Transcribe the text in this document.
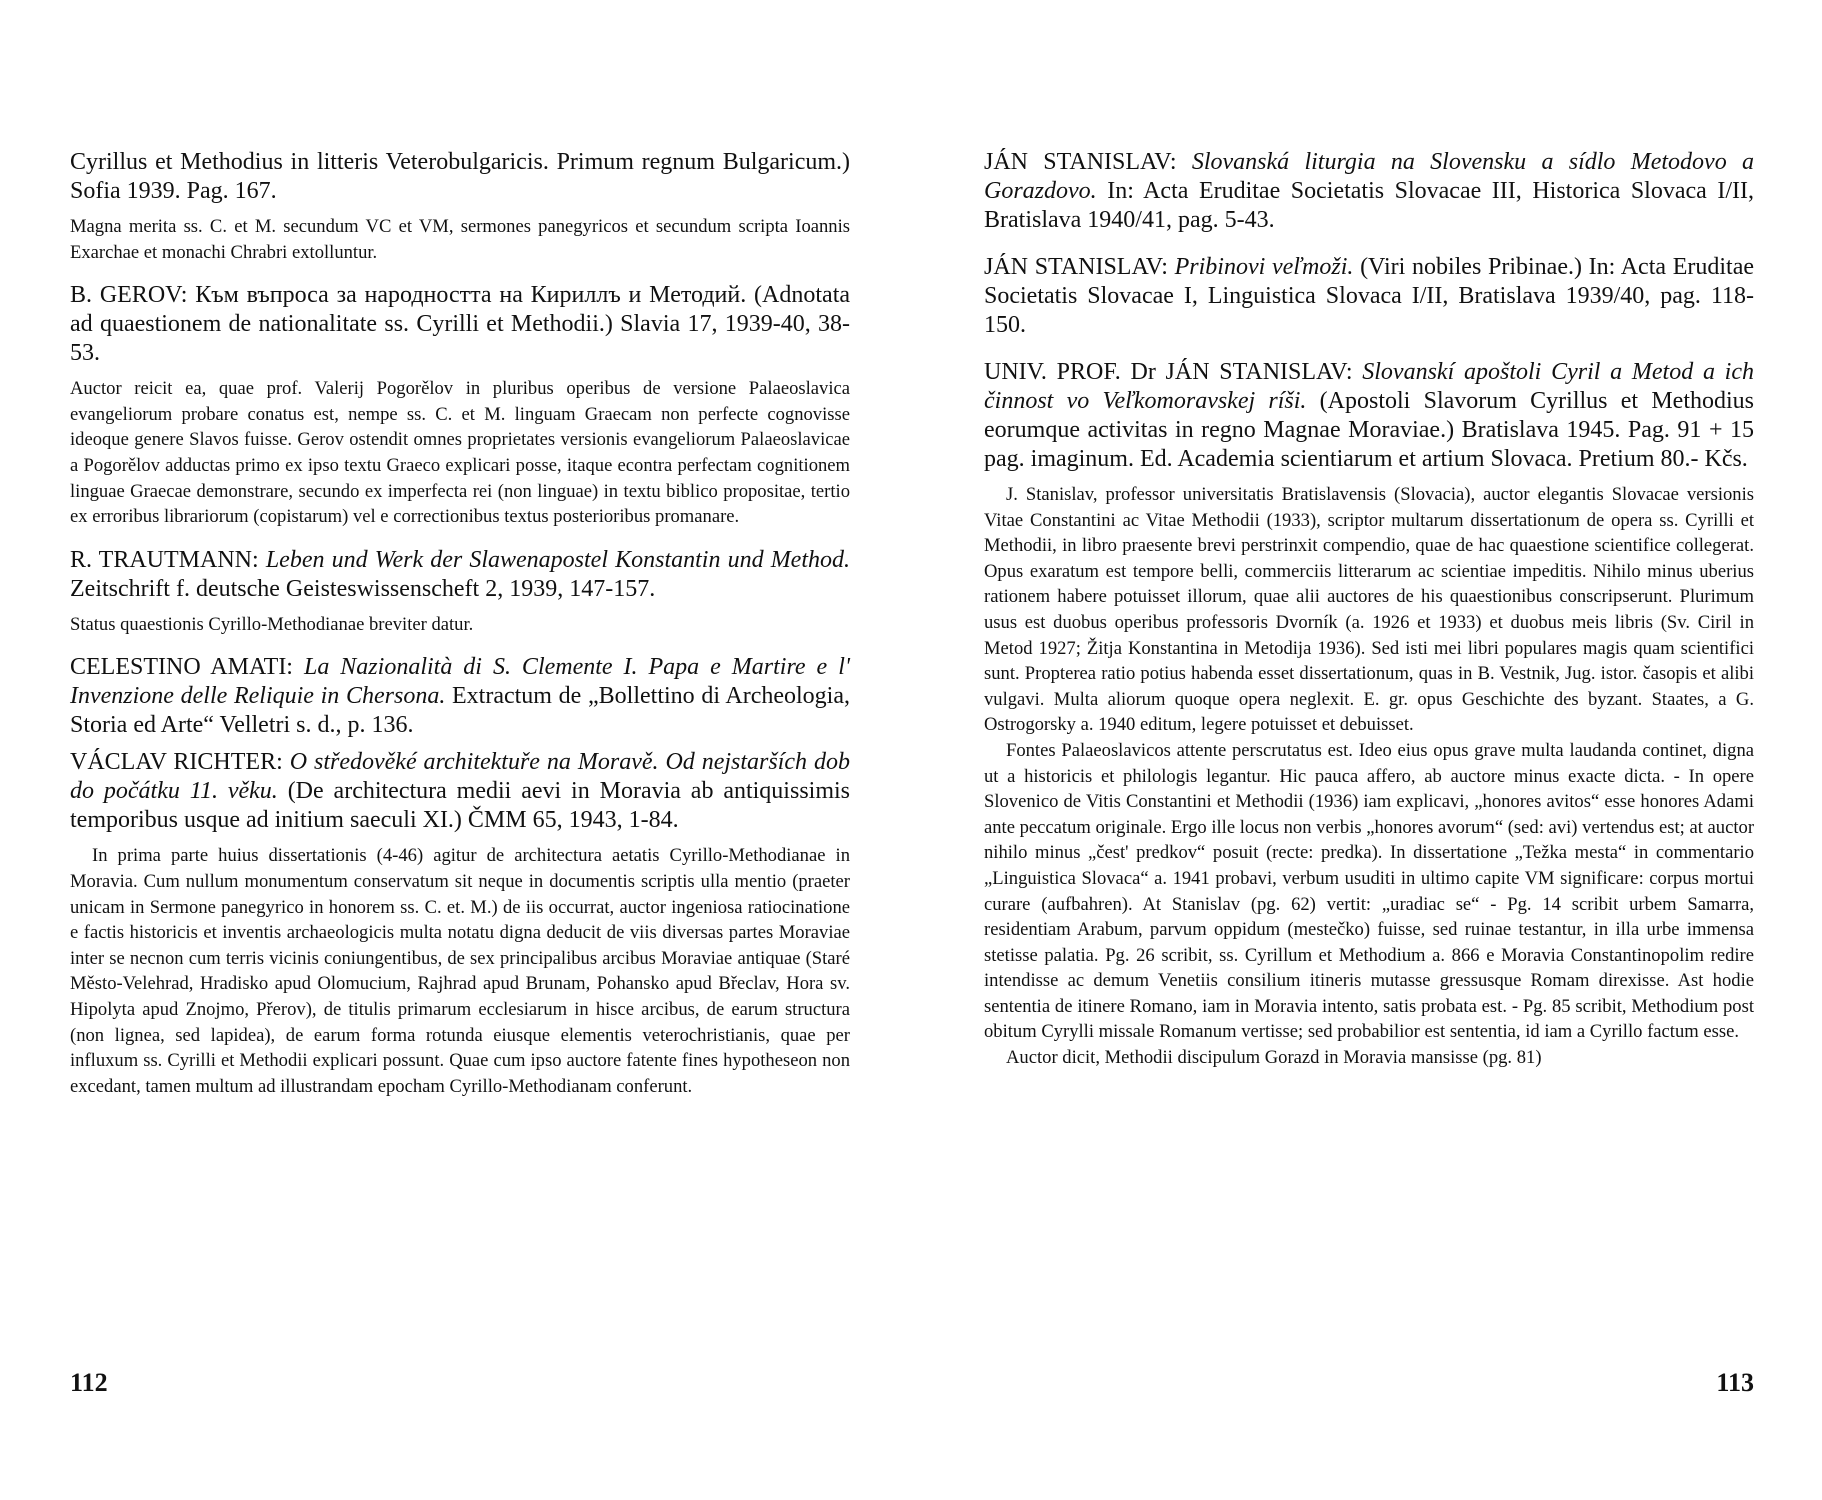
Cyrillus et Methodius in litteris Veterobulgaricis. Primum regnum Bulgaricum.) Sofia 1939. Pag. 167.

Magna merita ss. C. et M. secundum VC et VM, sermones panegyricos et secundum scripta Ioannis Exarchae et monachi Chrabri extolluntur.

B. GEROV: Към въпроса за народността на Кириллъ и Методий. (Adnotata ad quaestionem de nationalitate ss. Cyrilli et Methodii.) Slavia 17, 1939-40, 38-53.

Auctor reicit ea, quae prof. Valerij Pogorělov in pluribus operibus de versione Palaeoslavica evangeliorum probare conatus est, nempe ss. C. et M. linguam Graecam non perfecte cognovisse ideoque genere Slavos fuisse. Gerov ostendit omnes proprietates versionis evangeliorum Palaeoslavicae a Pogorělov adductas primo ex ipso textu Graeco explicari posse, itaque econtra perfectam cognitionem linguae Graecae demonstrare, secundo ex imperfecta rei (non linguae) in textu biblico propositae, tertio ex erroribus librariorum (copistarum) vel e correctionibus textus posterioribus promanare.

R. TRAUTMANN: Leben und Werk der Slawenapostel Konstantin und Method. Zeitschrift f. deutsche Geisteswissenscheft 2, 1939, 147-157.

Status quaestionis Cyrillo-Methodianae breviter datur.

CELESTINO AMATI: La Nazionalità di S. Clemente I. Papa e Martire e l' Invenzione delle Reliquie in Chersona. Extractum de „Bollettino di Archeologia, Storia ed Arte“ Velletri s. d., p. 136.

VÁCLAV RICHTER: O středověké architektuře na Moravě. Od nejstarších dob do počátku 11. věku. (De architectura medii aevi in Moravia ab antiquissimis temporibus usque ad initium saeculi XI.) ČMM 65, 1943, 1-84.

In prima parte huius dissertationis (4-46) agitur de architectura aetatis Cyrillo-Methodianae in Moravia. Cum nullum monumentum conservatum sit neque in documentis scriptis ulla mentio (praeter unicam in Sermone panegyrico in honorem ss. C. et. M.) de iis occurrat, auctor ingeniosa ratiocinatione e factis historicis et inventis archaeologicis multa notatu digna deducit de viis diversas partes Moraviae inter se necnon cum terris vicinis coniungentibus, de sex principalibus arcibus Moraviae antiquae (Staré Město-Velehrad, Hradisko apud Olomucium, Rajhrad apud Brunam, Pohansko apud Břeclav, Hora sv. Hipolyta apud Znojmo, Přerov), de titulis primarum ecclesiarum in hisce arcibus, de earum structura (non lignea, sed lapidea), de earum forma rotunda eiusque elementis veterochristianis, quae per influxum ss. Cyrilli et Methodii explicari possunt. Quae cum ipso auctore fatente fines hypotheseon non excedant, tamen multum ad illustrandam epocham Cyrillo-Methodianam conferunt.

112

JÁN STANISLAV: Slovanská liturgia na Slovensku a sídlo Metodovo a Gorazdovo. In: Acta Eruditae Societatis Slovacae III, Historica Slovaca I/II, Bratislava 1940/41, pag. 5-43.

JÁN STANISLAV: Pribinovi veľmoži. (Viri nobiles Pribinae.) In: Acta Eruditae Societatis Slovacae I, Linguistica Slovaca I/II, Bratislava 1939/40, pag. 118-150.

UNIV. PROF. Dr JÁN STANISLAV: Slovanskí apoštoli Cyril a Metod a ich činnost vo Veľkomoravskej ríši. (Apostoli Slavorum Cyrillus et Methodius eorumque activitas in regno Magnae Moraviae.) Bratislava 1945. Pag. 91 + 15 pag. imaginum. Ed. Academia scientiarum et artium Slovaca. Pretium 80.- Kčs.

J. Stanislav, professor universitatis Bratislavensis (Slovacia), auctor elegantis Slovacae versionis Vitae Constantini ac Vitae Methodii (1933), scriptor multarum dissertationum de opera ss. Cyrilli et Methodii, in libro praesente brevi perstrinxit compendio, quae de hac quaestione scientifice collegerat. Opus exaratum est tempore belli, commerciis litterarum ac scientiae impeditis. Nihilo minus uberius rationem habere potuisset illorum, quae alii auctores de his quaestionibus conscripserunt. Plurimum usus est duobus operibus professoris Dvorník (a. 1926 et 1933) et duobus meis libris (Sv. Ciril in Metod 1927; Žitja Konstantina in Metodija 1936). Sed isti mei libri populares magis quam scientifici sunt. Propterea ratio potius habenda esset dissertationum, quas in B. Vestnik, Jug. istor. časopis et alibi vulgavi. Multa aliorum quoque opera neglexit. E. gr. opus Geschichte des byzant. Staates, a G. Ostrogorsky a. 1940 editum, legere potuisset et debuisset.

Fontes Palaeoslavicos attente perscrutatus est. Ideo eius opus grave multa laudanda continet, digna ut a historicis et philologis legantur. Hic pauca affero, ab auctore minus exacte dicta. - In opere Slovenico de Vitis Constantini et Methodii (1936) iam explicavi, „honores avitos“ esse honores Adami ante peccatum originale. Ergo ille locus non verbis „honores avorum“ (sed: avi) vertendus est; at auctor nihilo minus „čest' predkov“ posuit (recte: predka). In dissertatione „Težka mesta“ in commentario „Linguistica Slovaca“ a. 1941 probavi, verbum usuditi in ultimo capite VM significare: corpus mortui curare (aufbahren). At Stanislav (pg. 62) vertit: „uradiac se“ - Pg. 14 scribit urbem Samarra, residentiam Arabum, parvum oppidum (mestečko) fuisse, sed ruinae testantur, in illa urbe immensa stetisse palatia. Pg. 26 scribit, ss. Cyrillum et Methodium a. 866 e Moravia Constantinopolim redire intendisse ac demum Venetiis consilium itineris mutasse gressusque Romam direxisse. Ast hodie sententia de itinere Romano, iam in Moravia intento, satis probata est. - Pg. 85 scribit, Methodium post obitum Cyrylli missale Romanum vertisse; sed probabilior est sententia, id iam a Cyrillo factum esse.

Auctor dicit, Methodii discipulum Gorazd in Moravia mansisse (pg. 81)

113
